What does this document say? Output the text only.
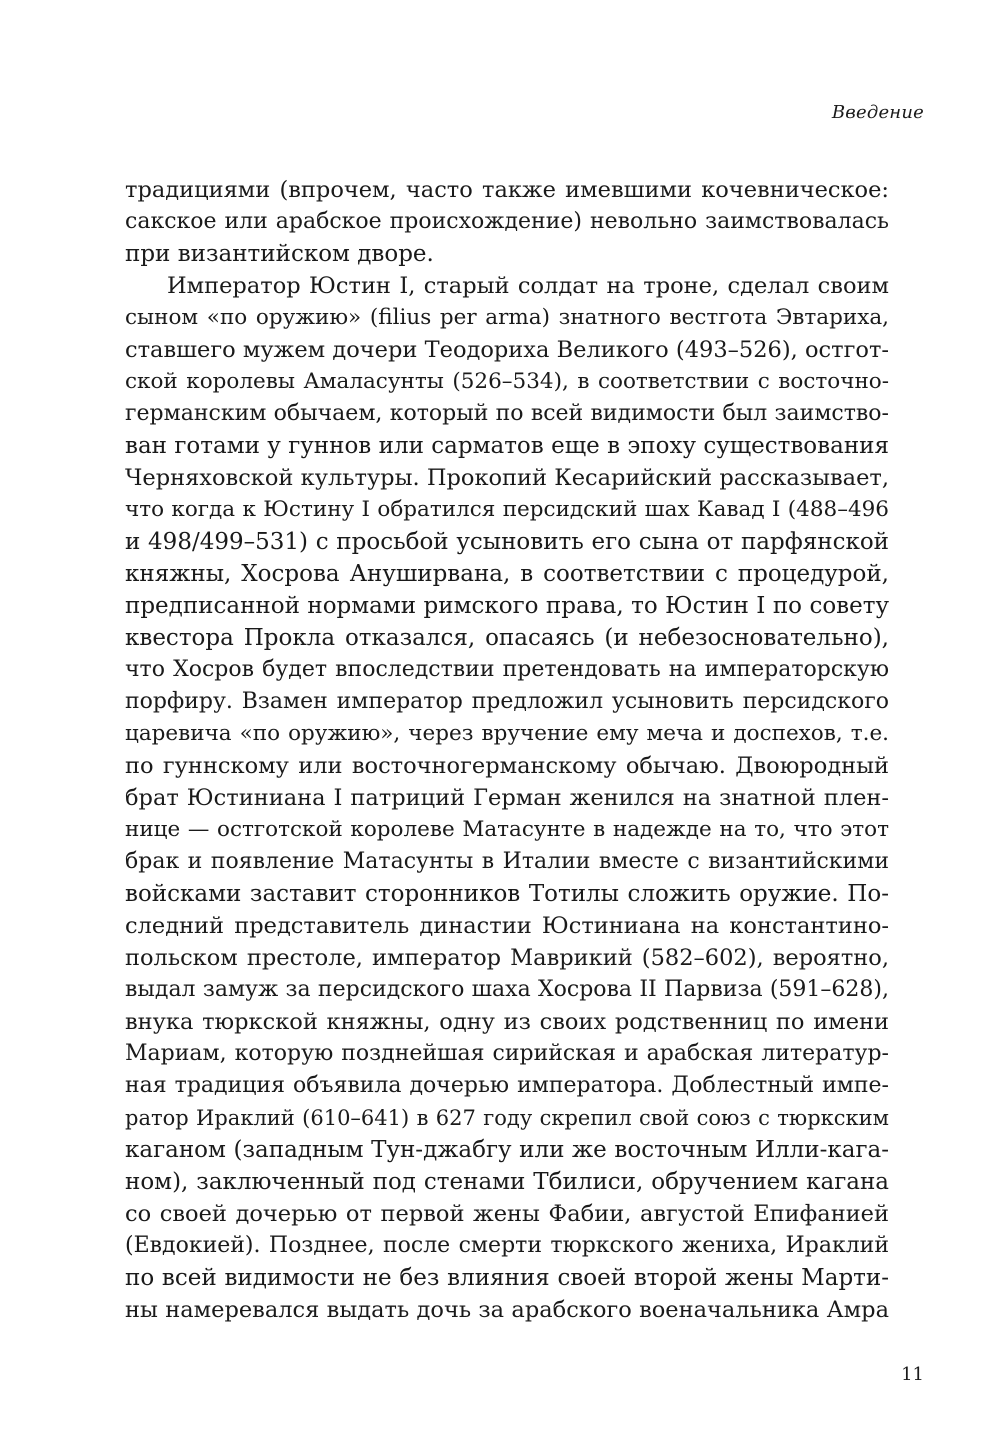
Введение
традициями (впрочем, часто также имевшими кочевническое:
сакское или арабское происхождение) невольно заимствовалась
при византийском дворе.
Император Юстин I, старый солдат на троне, сделал своим
сыном «по оружию» (filius per arma) знатного вестгота Эвтариха,
ставшего мужем дочери Теодориха Великого (493–526), остгот-
ской королевы Амаласунты (526–534), в соответствии с восточно-
германским обычаем, который по всей видимости был заимство-
ван готами у гуннов или сарматов еще в эпоху существования
Черняховской культуры. Прокопий Кесарийский рассказывает,
что когда к Юстину I обратился персидский шах Кавад I (488–496
и 498/499–531) с просьбой усыновить его сына от парфянской
княжны, Хосрова Ануширвана, в соответствии с процедурой,
предписанной нормами римского права, то Юстин I по совету
квестора Прокла отказался, опасаясь (и небезосновательно),
что Хосров будет впоследствии претендовать на императорскую
порфиру. Взамен император предложил усыновить персидского
царевича «по оружию», через вручение ему меча и доспехов, т.е.
по гуннскому или восточногерманскому обычаю. Двоюродный
брат Юстиниана I патриций Герман женился на знатной плен-
нице — остготской королеве Матасунте в надежде на то, что этот
брак и появление Матасунты в Италии вместе с византийскими
войсками заставит сторонников Тотилы сложить оружие. По-
следний представитель династии Юстиниана на константино-
польском престоле, император Маврикий (582–602), вероятно,
выдал замуж за персидского шаха Хосрова II Парвиза (591–628),
внука тюркской княжны, одну из своих родственниц по имени
Мариам, которую позднейшая сирийская и арабская литератур-
ная традиция объявила дочерью императора. Доблестный импе-
ратор Ираклий (610–641) в 627 году скрепил свой союз с тюркским
каганом (западным Тун-джабгу или же восточным Илли-кага-
ном), заключенный под стенами Тбилиси, обручением кагана
со своей дочерью от первой жены Фабии, августой Епифанией
(Евдокией). Позднее, после смерти тюркского жениха, Ираклий
по всей видимости не без влияния своей второй жены Марти-
ны намеревался выдать дочь за арабского военачальника Амра
11
